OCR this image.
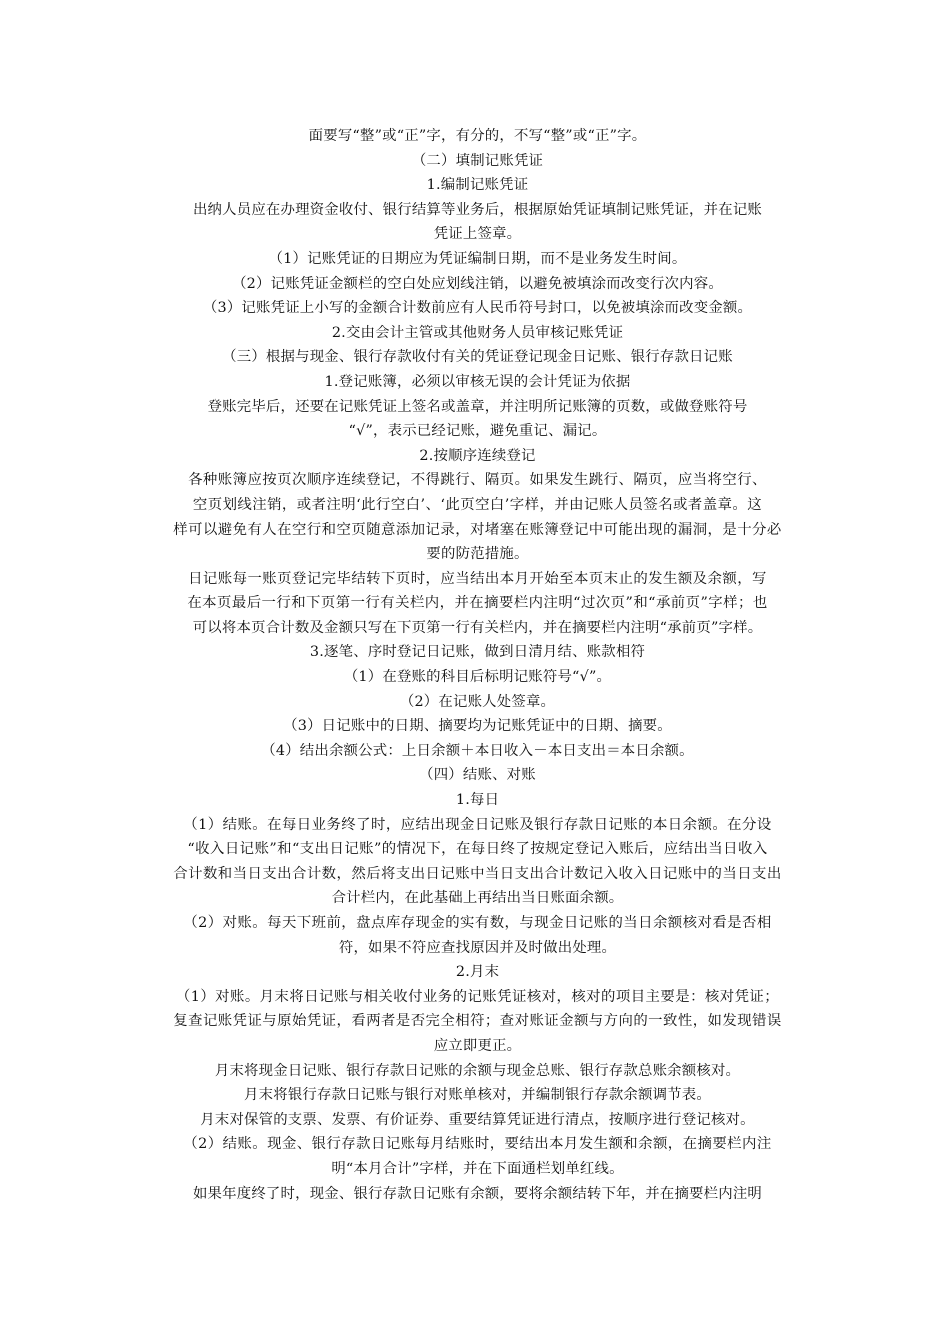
面要写“整”或“正”字，有分的，不写“整”或“正”字。
（二）填制记账凭证
1.编制记账凭证
出纳人员应在办理资金收付、银行结算等业务后，根据原始凭证填制记账凭证，并在记账
凭证上签章。
（1）记账凭证的日期应为凭证编制日期，而不是业务发生时间。
（2）记账凭证金额栏的空白处应划线注销，以避免被填涂而改变行次内容。
（3）记账凭证上小写的金额合计数前应有人民币符号封口，以免被填涂而改变金额。
2.交由会计主管或其他财务人员审核记账凭证
（三）根据与现金、银行存款收付有关的凭证登记现金日记账、银行存款日记账
1.登记账簿，必须以审核无误的会计凭证为依据
登账完毕后，还要在记账凭证上签名或盖章，并注明所记账簿的页数，或做登账符号
“√”，表示已经记账，避免重记、漏记。
2.按顺序连续登记
各种账簿应按页次顺序连续登记，不得跳行、隔页。如果发生跳行、隔页，应当将空行、
空页划线注销，或者注明‘此行空白’、‘此页空白’字样，并由记账人员签名或者盖章。这
样可以避免有人在空行和空页随意添加记录，对堵塞在账簿登记中可能出现的漏洞，是十分必
要的防范措施。
日记账每一账页登记完毕结转下页时，应当结出本月开始至本页末止的发生额及余额，写
在本页最后一行和下页第一行有关栏内，并在摘要栏内注明“过次页”和“承前页”字样；也
可以将本页合计数及金额只写在下页第一行有关栏内，并在摘要栏内注明“承前页”字样。
3.逐笔、序时登记日记账，做到日清月结、账款相符
（1）在登账的科目后标明记账符号“√”。
（2）在记账人处签章。
（3）日记账中的日期、摘要均为记账凭证中的日期、摘要。
（4）结出余额公式：上日余额＋本日收入－本日支出＝本日余额。
（四）结账、对账
1.每日
（1）结账。在每日业务终了时，应结出现金日记账及银行存款日记账的本日余额。在分设
“收入日记账”和“支出日记账”的情况下，在每日终了按规定登记入账后，应结出当日收入
合计数和当日支出合计数，然后将支出日记账中当日支出合计数记入收入日记账中的当日支出
合计栏内，在此基础上再结出当日账面余额。
（2）对账。每天下班前，盘点库存现金的实有数，与现金日记账的当日余额核对看是否相
符，如果不符应查找原因并及时做出处理。
2.月末
（1）对账。月末将日记账与相关收付业务的记账凭证核对，核对的项目主要是：核对凭证；
复查记账凭证与原始凭证，看两者是否完全相符；查对账证金额与方向的一致性，如发现错误
应立即更正。
月末将现金日记账、银行存款日记账的余额与现金总账、银行存款总账余额核对。
月末将银行存款日记账与银行对账单核对，并编制银行存款余额调节表。
月末对保管的支票、发票、有价证券、重要结算凭证进行清点，按顺序进行登记核对。
（2）结账。现金、银行存款日记账每月结账时，要结出本月发生额和余额，在摘要栏内注
明“本月合计”字样，并在下面通栏划单红线。
如果年度终了时，现金、银行存款日记账有余额，要将余额结转下年，并在摘要栏内注明
